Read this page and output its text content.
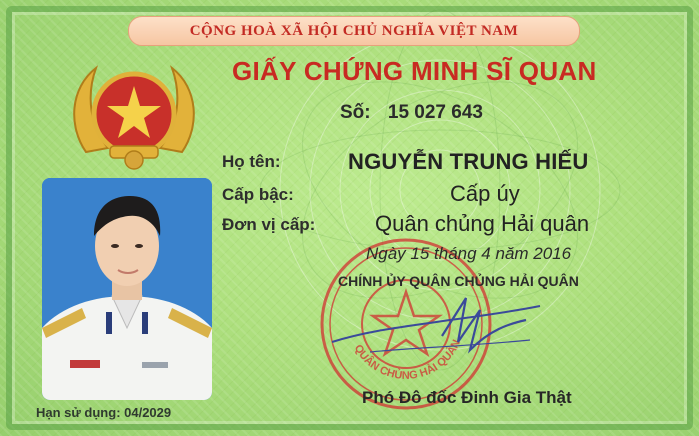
CỘNG HOÀ XÃ HỘI CHỦ NGHĨA VIỆT NAM
GIẤY CHỨNG MINH SĨ QUAN
Số: 15 027 643
Họ tên:	NGUYỄN TRUNG HIẾU
Cấp bậc:	Cấp úy
Đơn vị cấp:	Quân chủng Hải quân
QUÂN CHỦNG HẢI QUÂN
Ngày 15 tháng 4 năm 2016
CHÍNH ỦY QUÂN CHỦNG HẢI QUÂN
Phó Đô đốc Đinh Gia Thật
Hạn sử dụng: 04/2029
